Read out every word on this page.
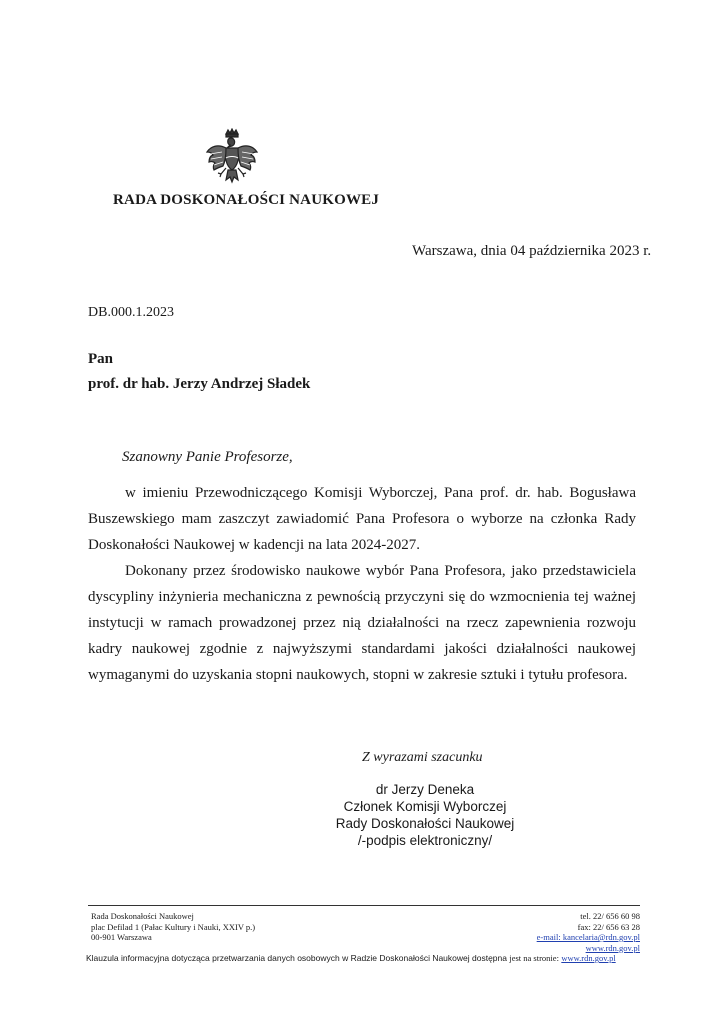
RADA DOSKONAŁOŚCI NAUKOWEJ
Warszawa, dnia 04 października 2023 r.
DB.000.1.2023
Pan
prof. dr hab. Jerzy Andrzej Sładek
Szanowny Panie Profesorze,

w imieniu Przewodniczącego Komisji Wyborczej, Pana prof. dr. hab. Bogusława Buszewskiego mam zaszczyt zawiadomić Pana Profesora o wyborze na członka Rady Doskonałości Naukowej w kadencji na lata 2024-2027.

Dokonany przez środowisko naukowe wybór Pana Profesora, jako przedstawiciela dyscypliny inżynieria mechaniczna z pewnością przyczyni się do wzmocnienia tej ważnej instytucji w ramach prowadzonej przez nią działalności na rzecz zapewnienia rozwoju kadry naukowej zgodnie z najwyższymi standardami jakości działalności naukowej wymaganymi do uzyskania stopni naukowych, stopni w zakresie sztuki i tytułu profesora.

Z wyrazami szacunku
dr Jerzy Deneka
Członek Komisji Wyborczej
Rady Doskonałości Naukowej
/-podpis elektroniczny/
Rada Doskonałości Naukowej
plac Defilad 1 (Pałac Kultury i Nauki, XXIV p.)
00-901 Warszawa
tel. 22/ 656 60 98
fax: 22/ 656 63 28
e-mail: kancelaria@rdn.gov.pl
www.rdn.gov.pl
Klauzula informacyjna dotycząca przetwarzania danych osobowych w Radzie Doskonałości Naukowej dostępna jest na stronie: www.rdn.gov.pl
